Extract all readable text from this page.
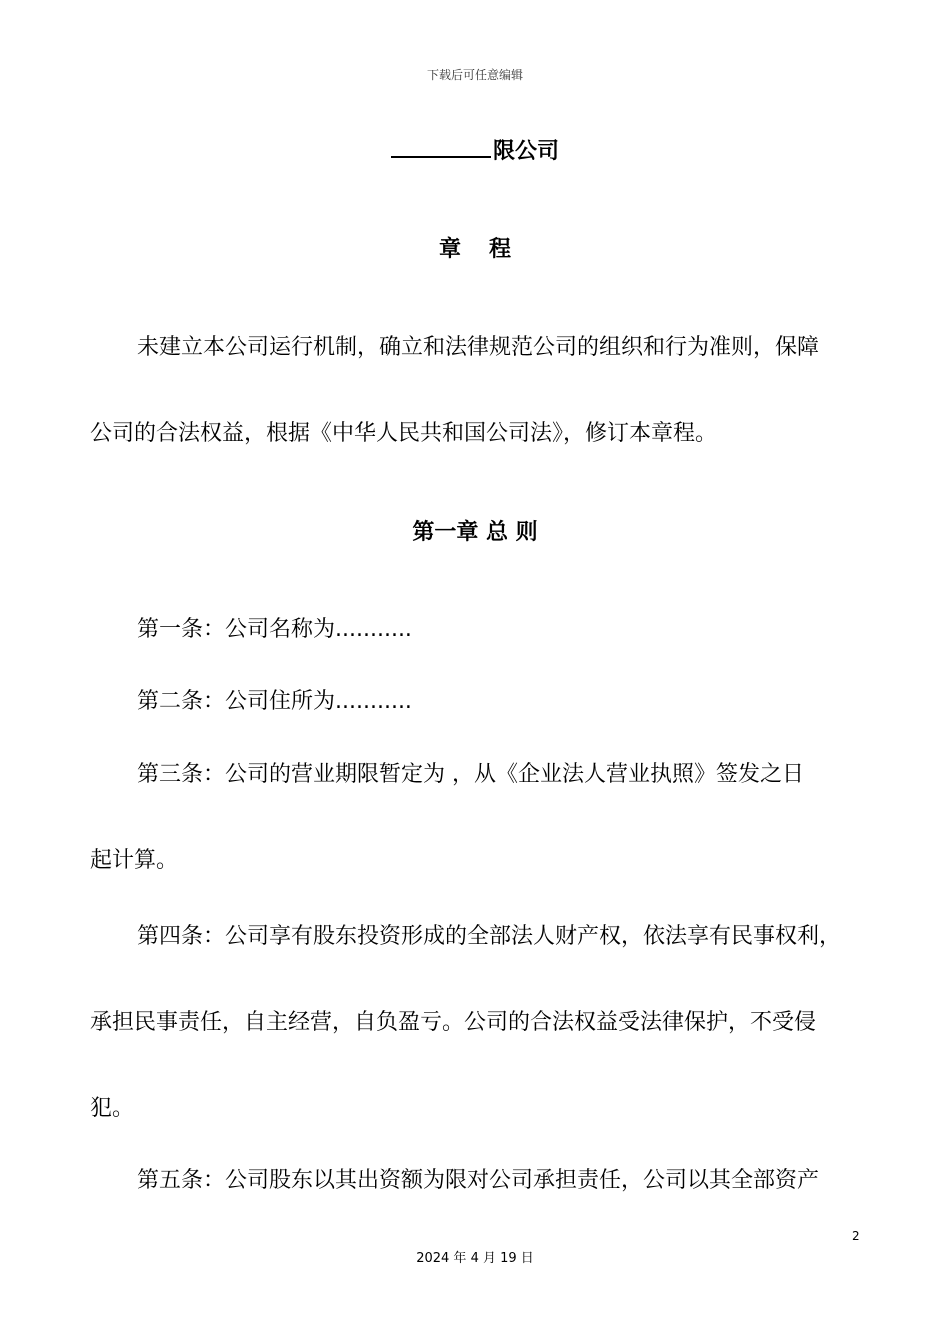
下载后可任意编辑
限公司
章程
未建立本公司运行机制，确立和法律规范公司的组织和行为准则，保障
公司的合法权益，根据《中华人民共和国公司法》，修订本章程。
第一章 总 则
第一条：公司名称为...........
第二条：公司住所为...........
第三条：公司的营业期限暂定为 ，从《企业法人营业执照》签发之日
起计算。
第四条：公司享有股东投资形成的全部法人财产权，依法享有民事权利，
承担民事责任，自主经营，自负盈亏。公司的合法权益受法律保护，不受侵
犯。
第五条：公司股东以其出资额为限对公司承担责任，公司以其全部资产
2
2024 年 4 月 19 日
